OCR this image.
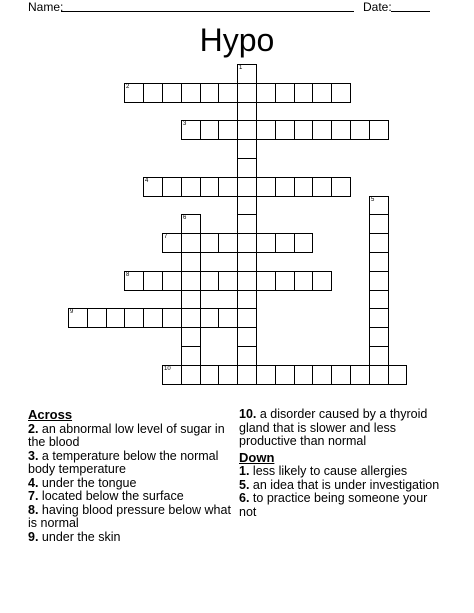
Name:	Date:
Hypo
1
2
3
4
5
6
7
8
9
10
Across
2. an abnormal low level of sugar in the blood
3. a temperature below the normal body temperature
4. under the tongue
7. located below the surface
8. having blood pressure below what is normal
9. under the skin
10. a disorder caused by a thyroid gland that is slower and less productive than normal
Down
1. less likely to cause allergies
5. an idea that is under investigation
6. to practice being someone your not
